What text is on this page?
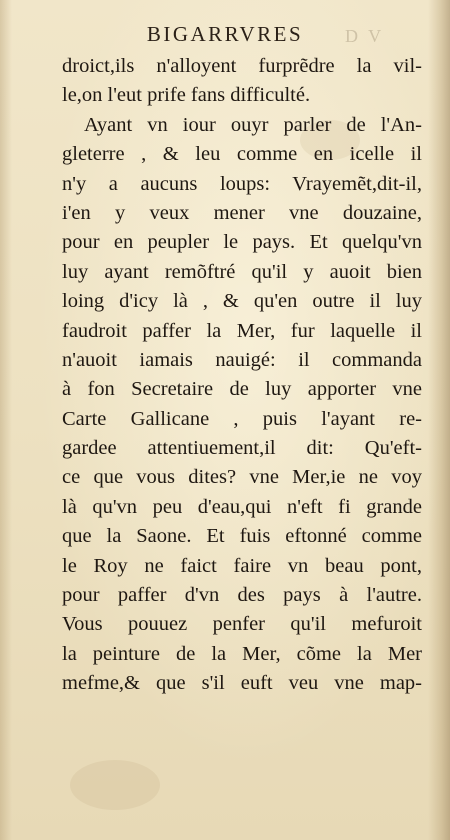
D V
BIGARRVRES
droict,ils n'alloyent furprẽdre la vil-
le,on l'eut prife fans difficulté.
Ayant vn iour ouyr parler de l'An-
gleterre , & leu comme en icelle il
n'y a aucuns loups: Vrayemẽt,dit-il,
i'en y veux mener vne douzaine,
pour en peupler le pays. Et quelqu'vn
luy ayant remõftré qu'il y auoit bien
loing d'icy là , & qu'en outre il luy
faudroit paffer la Mer, fur laquelle il
n'auoit iamais nauigé: il commanda
à fon Secretaire de luy apporter vne
Carte Gallicane , puis l'ayant re-
gardee attentiuement,il dit: Qu'eft-
ce que vous dites? vne Mer,ie ne voy
là qu'vn peu d'eau,qui n'eft fi grande
que la Saone. Et fuis eftonné comme
le Roy ne faict faire vn beau pont,
pour paffer d'vn des pays à l'autre.
Vous pouuez penfer qu'il mefuroit
la peinture de la Mer, cõme la Mer
mefme,& que s'il euft veu vne map-
